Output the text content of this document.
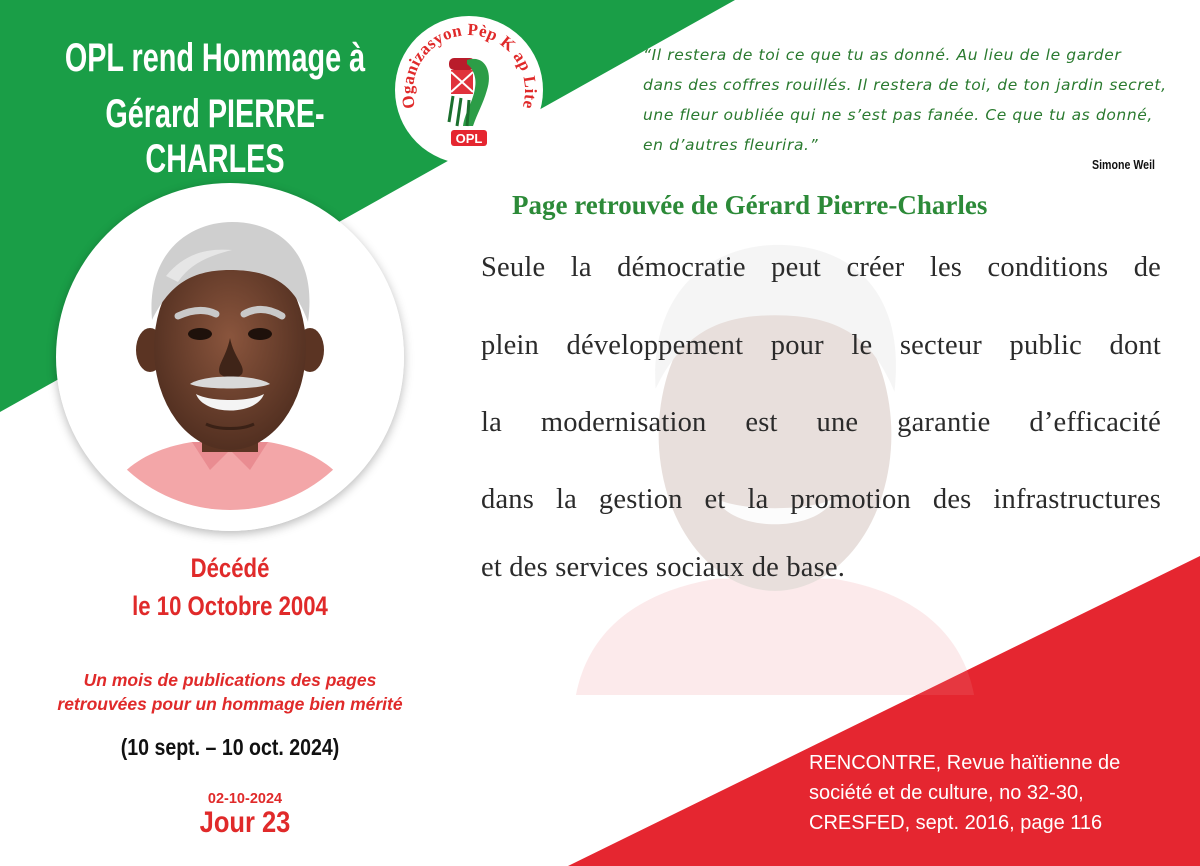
OPL rend Hommage à
Gérard PIERRE-CHARLES
Oganizasyon Pèp K ap Lite
OPL
“Il restera de toi ce que tu as donné. Au lieu de le garder
dans des coffres rouillés. Il restera de toi, de ton jardin secret,
une fleur oubliée qui ne s’est pas fanée. Ce que tu as donné,
en d’autres fleurira.”
Simone Weil
Page retrouvée de Gérard Pierre-Charles
Seule la démocratie peut créer les conditions de
plein développement pour le secteur public dont
la modernisation est une garantie d’efficacité
dans la gestion et la promotion des infrastructures
et des services sociaux de base.
Décédé
le 10 Octobre 2004
Un mois de publications des pages
retrouvées pour un hommage bien mérité
(10 sept. – 10 oct. 2024)
02-10-2024
Jour 23
Source: RENCONTRE, Revue haïtienne de
société et de culture, no 32-30,
CRESFED, sept. 2016, page 116
